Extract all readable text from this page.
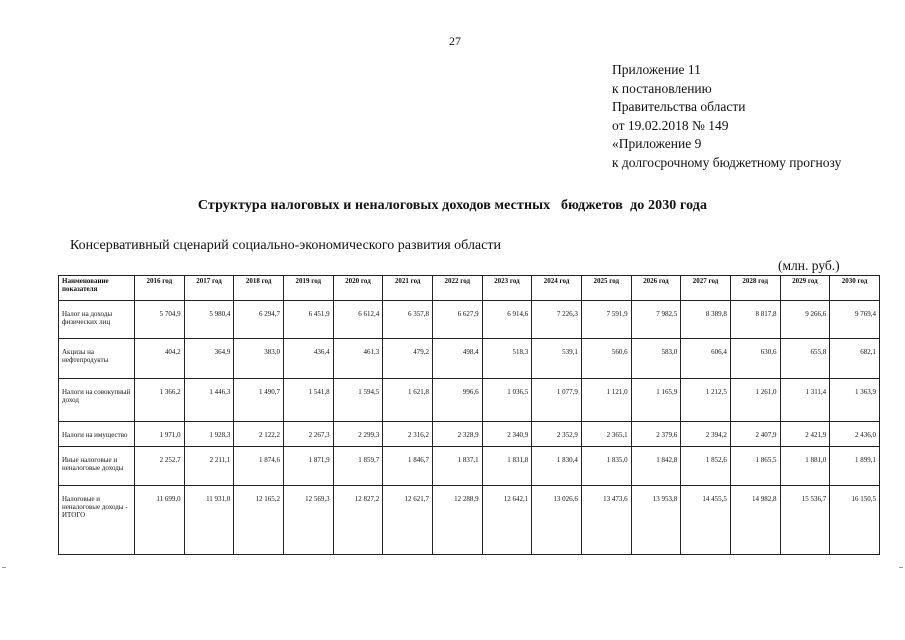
27
Приложение 11
к постановлению
Правительства области
от 19.02.2018 № 149
«Приложение 9
к долгосрочному бюджетному прогнозу
Структура налоговых и неналоговых доходов местных   бюджетов  до 2030 года
Консервативный сценарий социально-экономического развития области
(млн. руб.)
Наименование показателя	2016 год	2017 год	2018 год	2019 год	2020 год	2021 год	2022 год	2023 год	2024 год	2025 год	2026 год	2027 год	2028 год	2029 год	2030 год
Налог на доходы физических лиц	5 704,9	5 980,4	6 294,7	6 451,9	6 612,4	6 357,8	6 627,9	6 914,6	7 226,3	7 591,9	7 982,5	8 389,8	8 817,8	9 266,6	9 769,4
Акцизы на нефтепродукты	404,2	364,9	383,0	436,4	461,3	479,2	498,4	518,3	539,1	560,6	583,0	606,4	630,6	655,8	682,1
Налоги на совокупный доход	1 366,2	1 446,3	1 490,7	1 541,8	1 594,5	1 621,8	996,6	1 036,5	1 077,9	1 121,0	1 165,9	1 212,5	1 261,0	1 311,4	1 363,9
Налоги на имущество	1 971,0	1 928,3	2 122,2	2 267,3	2 299,3	2 316,2	2 328,9	2 340,9	2 352,9	2 365,1	2 379,6	2 394,2	2 407,9	2 421,9	2 436,0
Иные налоговые и неналоговые доходы	2 252,7	2 211,1	1 874,6	1 871,9	1 859,7	1 846,7	1 837,1	1 831,8	1 830,4	1 835,0	1 842,8	1 852,6	1 865,5	1 881,0	1 899,1
Налоговые и неналоговые доходы - ИТОГО	11 699,0	11 931,0	12 165,2	12 569,3	12 827,2	12 621,7	12 288,9	12 642,1	13 026,6	13 473,6	13 953,8	14 455,5	14 982,8	15 536,7	16 150,5
